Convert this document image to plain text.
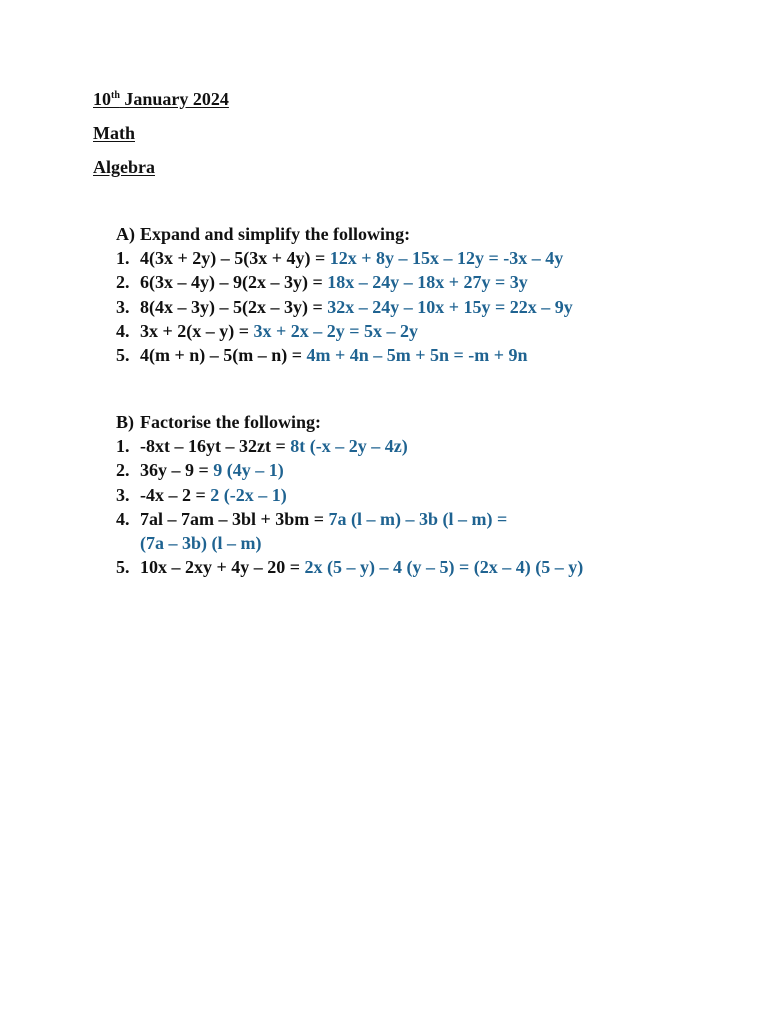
10th January 2024
Math
Algebra
A) Expand and simplify the following:
1. 4(3x + 2y) – 5(3x + 4y) = 12x + 8y – 15x – 12y = -3x – 4y
2. 6(3x – 4y) – 9(2x – 3y) = 18x – 24y – 18x + 27y = 3y
3. 8(4x – 3y) – 5(2x – 3y) = 32x – 24y – 10x + 15y = 22x – 9y
4. 3x + 2(x – y) = 3x + 2x – 2y = 5x – 2y
5. 4(m + n) – 5(m – n) = 4m + 4n – 5m + 5n = -m + 9n
B) Factorise the following:
1. -8xt – 16yt – 32zt = 8t (-x – 2y – 4z)
2. 36y – 9 = 9 (4y – 1)
3. -4x – 2 = 2 (-2x – 1)
4. 7al – 7am – 3bl + 3bm = 7a (l – m) – 3b (l – m) =
(7a – 3b) (l – m)
5. 10x – 2xy + 4y – 20 = 2x (5 – y) – 4 (y – 5) = (2x – 4) (5 – y)
